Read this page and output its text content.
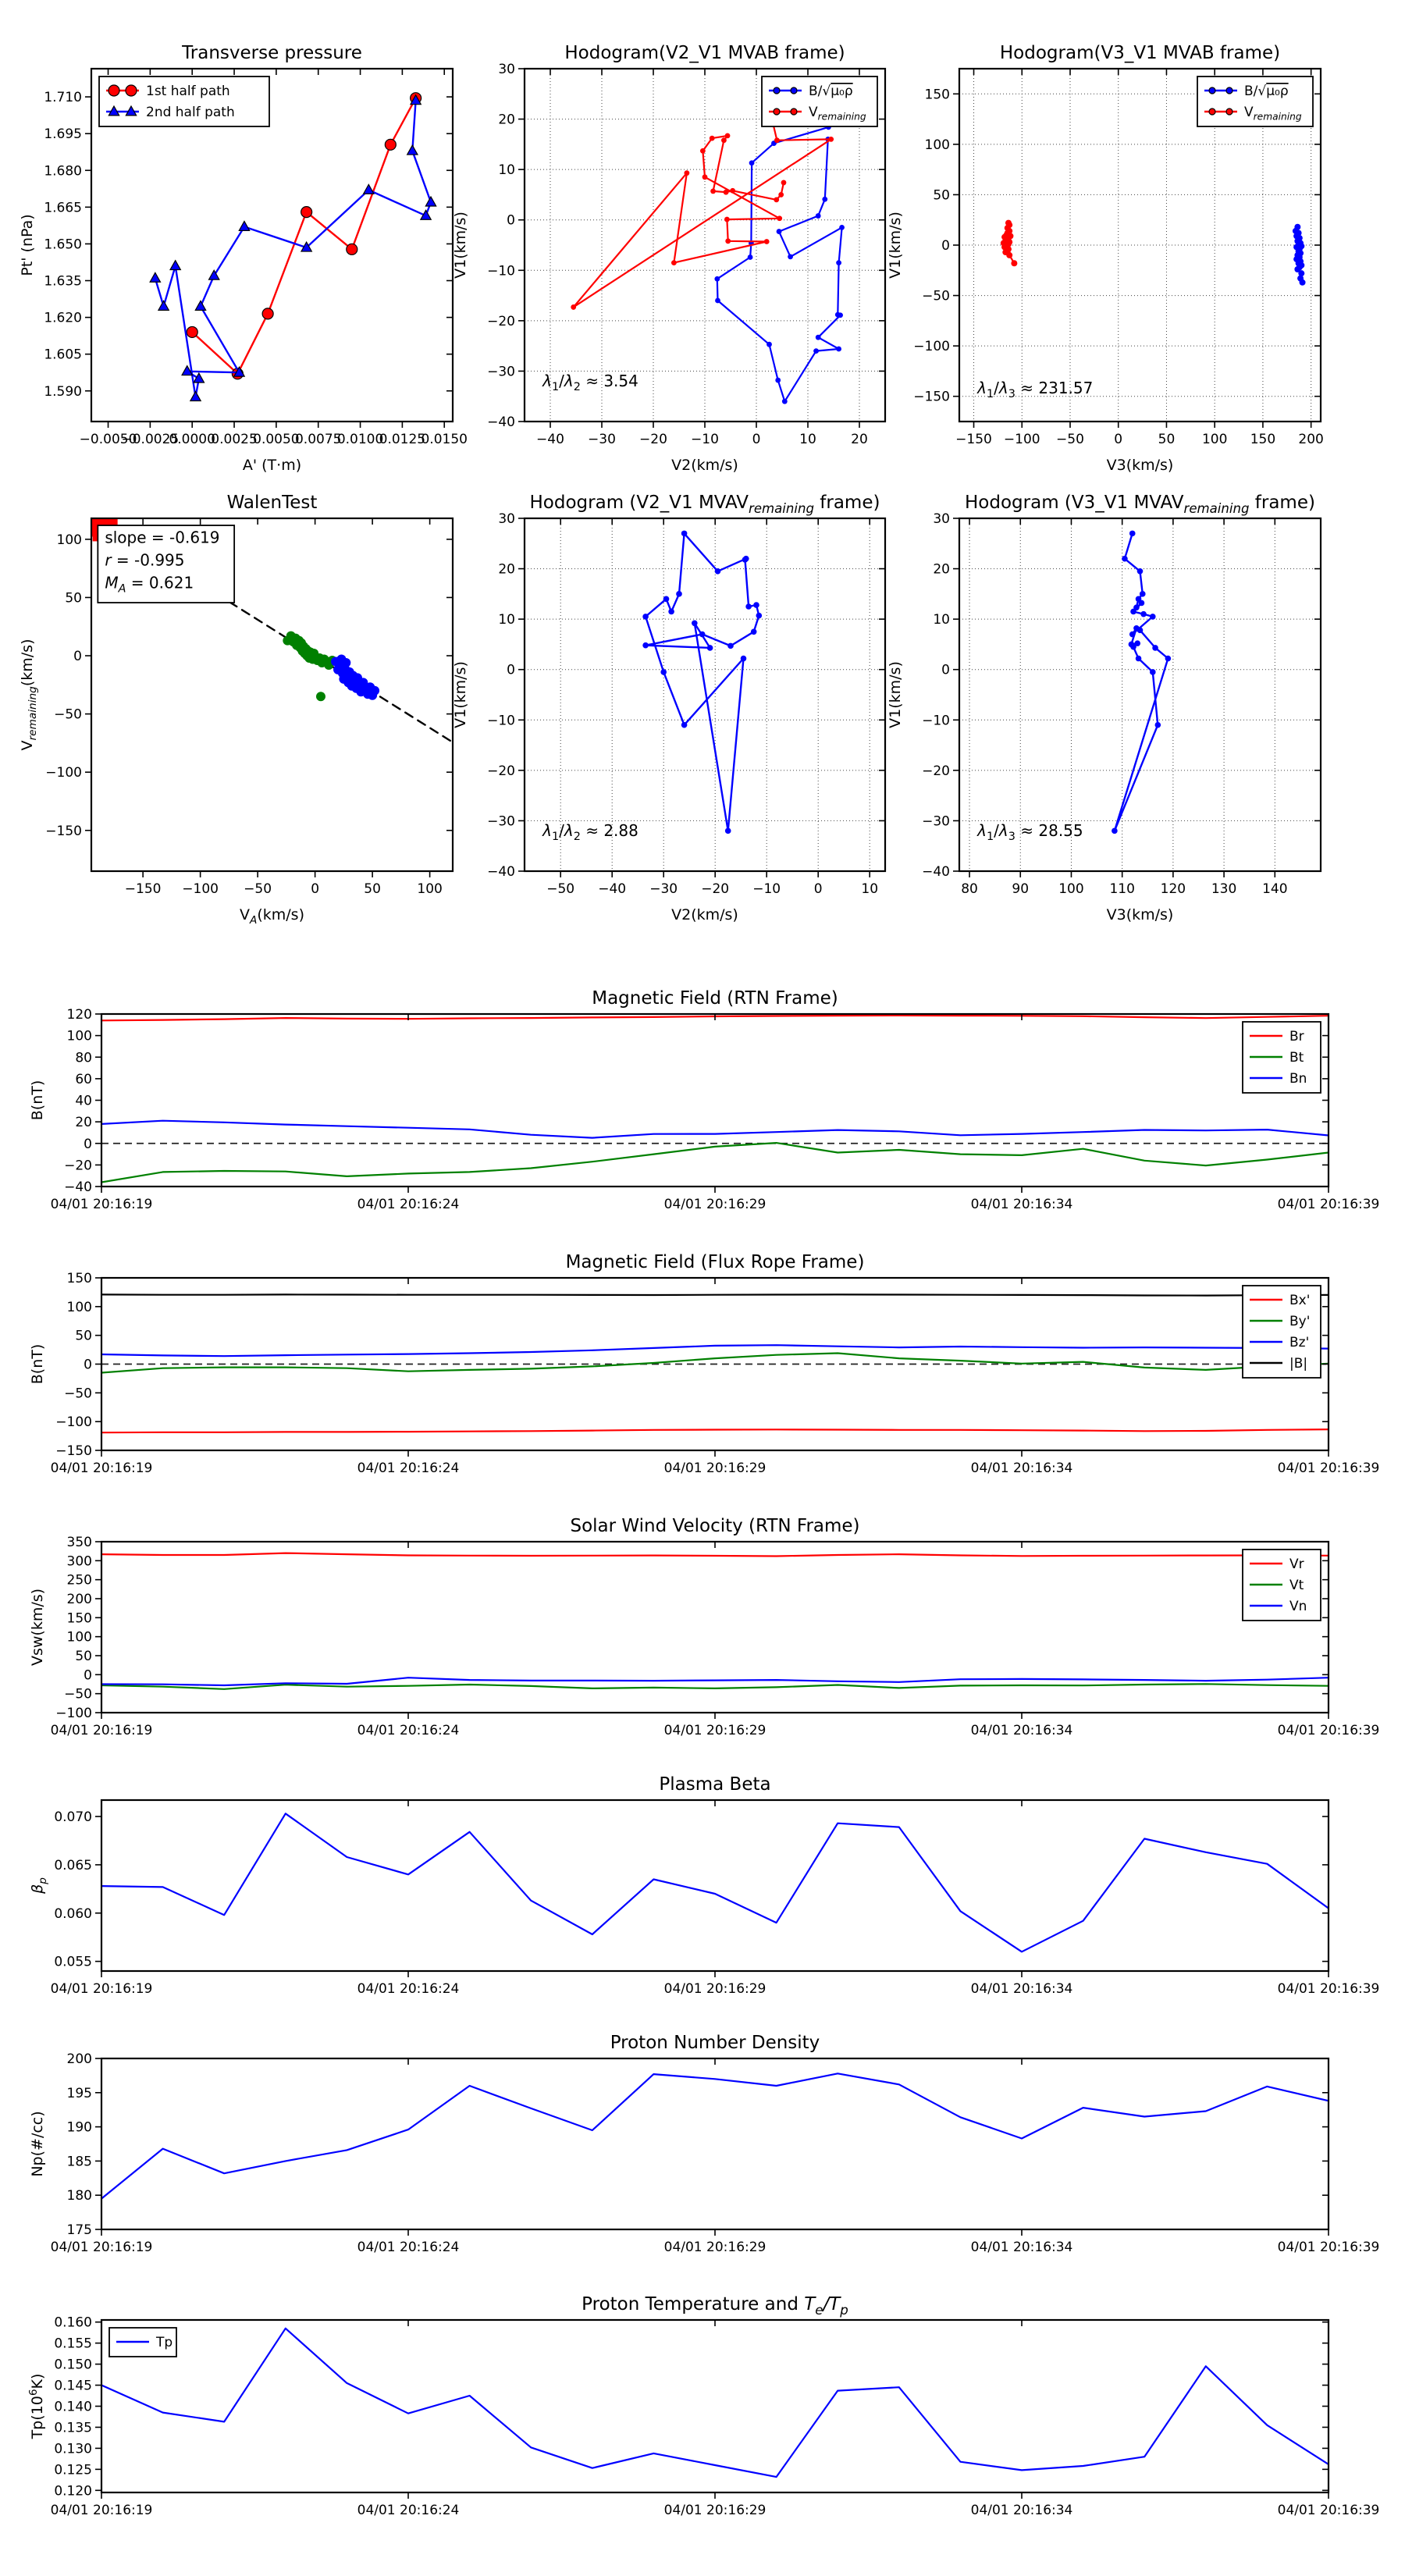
−0.0050
−0.0025
0.0000
0.0025
0.0050
0.0075
0.0100
0.0125
0.0150
1.590
1.605
1.620
1.635
1.650
1.665
1.680
1.695
1.710
Transverse pressure
A' (T·m)
Pt' (nPa)
1st half path
2nd half path
−40 −30 −20 −10	0	10	20
−40
−30
−20
−10
0
10
20
30
Hodogram(V2_V1 MVAB frame)
V2(km/s)
V1(km/s)
B/√μ₀ρ
$V_{remaining}$
$\lambda_1/\lambda_2 \approx 3.54$
−150 −100 −50 0	50 100 150 200
−150
−100
−50
0
50
100
150
Hodogram(V3_V1 MVAB frame)
V3(km/s)
V1(km/s)
B/√μ₀ρ
$V_{remaining}$
$\lambda_1/\lambda_3 \approx 231.57$
−150 −100 −50	0	50	100
−150
−100
−50
0
50
100
WalenTest
$V_A(km/s)$
$V_{remaining}(km/s)$
slope = -0.619
r = -0.995
$M_A = 0.621$
−50 −40 −30 −20 −10	0	10
−40
−30
−20
−10
0
10
20
30
Hodogram (V2_V1 $MVAV_{remaining}$ frame)
V2(km/s)
V1(km/s)
$\lambda_1/\lambda_2 \approx 2.88$
80	90 100 110 120 130 140
−40
−30
−20
−10
0
10
20
30
Hodogram (V3_V1 $MVAV_{remaining}$ frame)
V3(km/s)
V1(km/s)
$\lambda_1/\lambda_3 \approx 28.55$
04/01 20:16:19	04/01 20:16:24	04/01 20:16:29	04/01 20:16:34	04/01 20:16:39
−40
−20
0
20
40
60
80
100
120
Magnetic Field (RTN Frame)
B(nT)
Br
Bt
Bn
04/01 20:16:19	04/01 20:16:24	04/01 20:16:29	04/01 20:16:34	04/01 20:16:39
−150
−100
−50
0
50
100
150
Magnetic Field (Flux Rope Frame)
B(nT)
Bx'
By'
Bz'
|B|
04/01 20:16:19	04/01 20:16:24	04/01 20:16:29	04/01 20:16:34	04/01 20:16:39
−100
−50
0
50
100
150
200
250
300
350
Solar Wind Velocity (RTN Frame)
Vsw(km/s)
Vr
Vt
Vn
04/01 20:16:19	04/01 20:16:24	04/01 20:16:29	04/01 20:16:34	04/01 20:16:39
0.055
0.060
0.065
0.070
Plasma Beta
$\beta_p$
04/01 20:16:19	04/01 20:16:24	04/01 20:16:29	04/01 20:16:34	04/01 20:16:39
175
180
185
190
195
200
Proton Number Density
Np(#/cc)
04/01 20:16:19	04/01 20:16:24	04/01 20:16:29	04/01 20:16:34	04/01 20:16:39
0.120
0.125
0.130
0.135
0.140
0.145
0.150
0.155
0.160
Proton Temperature and $T_e/T_p$
$Tp(10^6K)$
Tp
